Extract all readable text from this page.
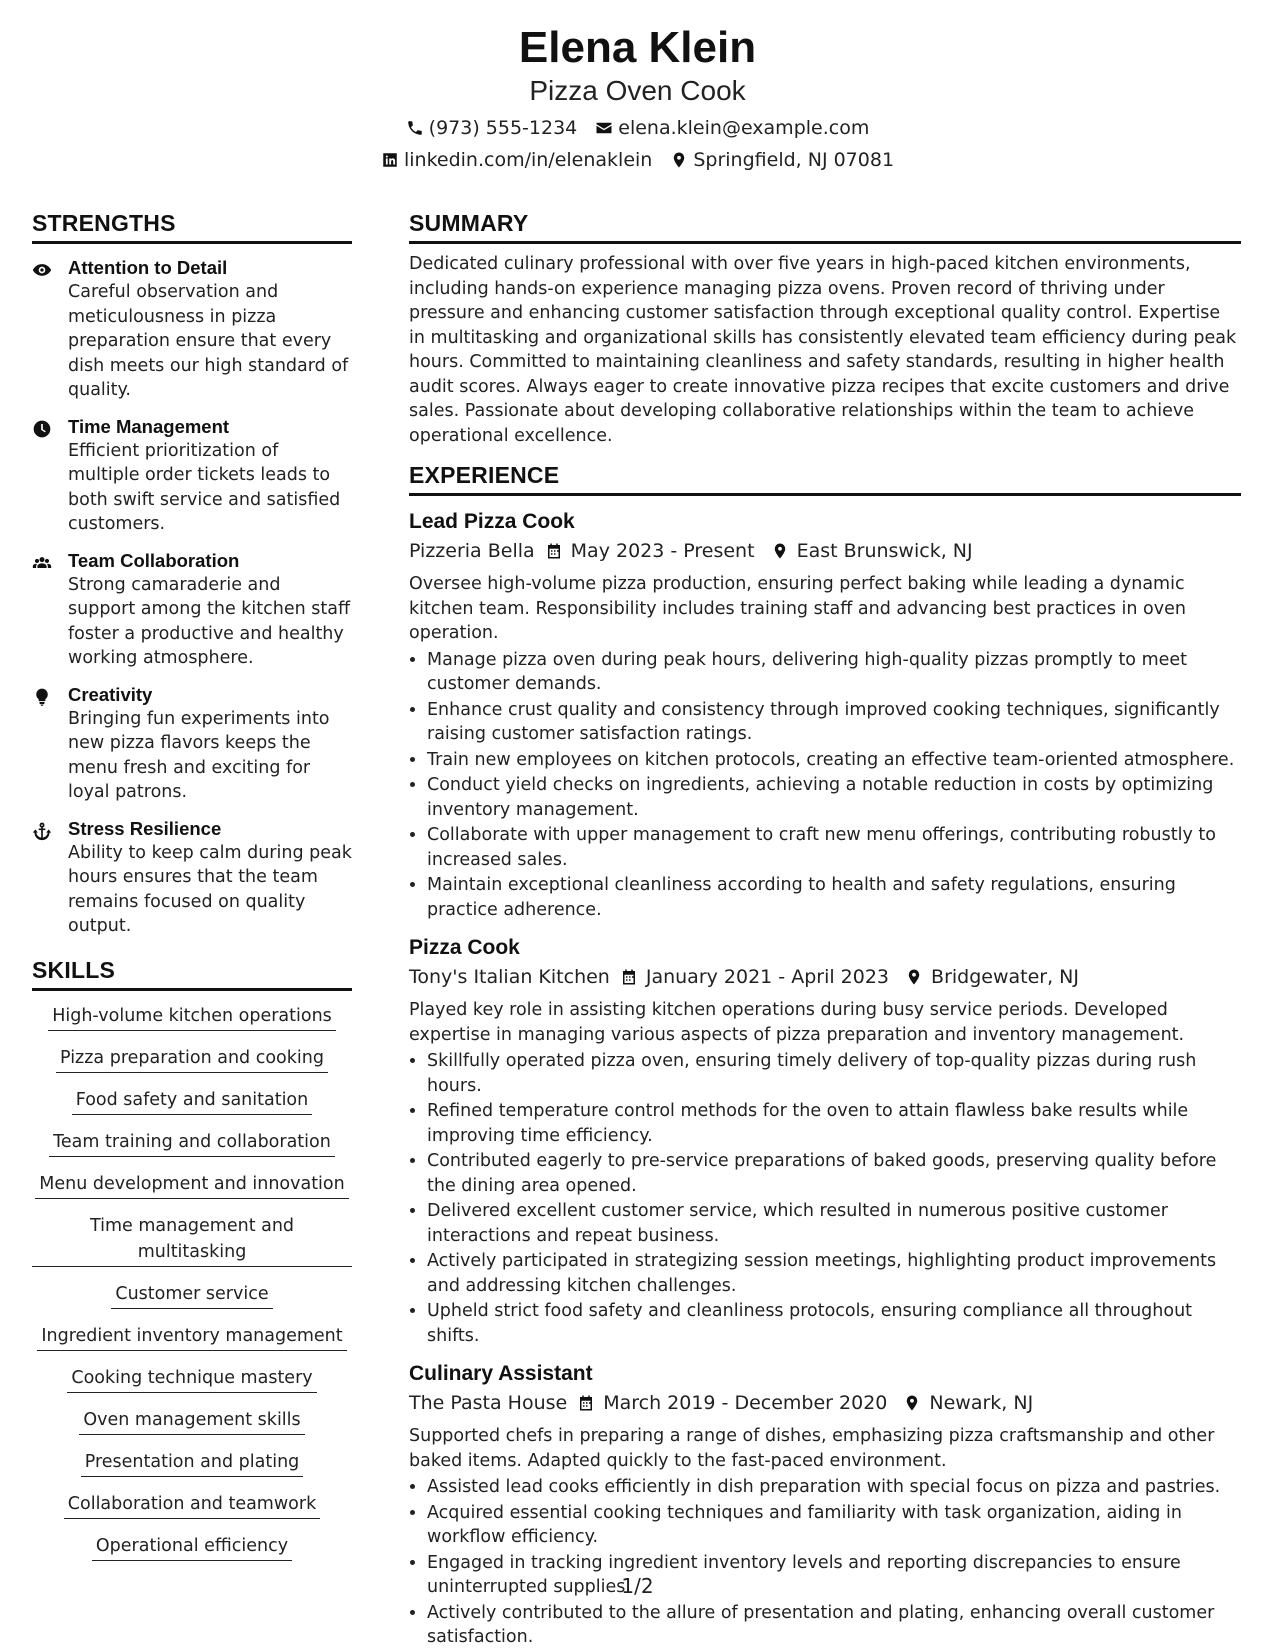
Elena Klein
Pizza Oven Cook
(973) 555-1234 elena.klein@example.com
linkedin.com/in/elenaklein Springfield, NJ 07081
STRENGTHS
Attention to Detail
Careful observation and meticulousness in pizza preparation ensure that every dish meets our high standard of quality.
Time Management
Efficient prioritization of multiple order tickets leads to both swift service and satisfied customers.
Team Collaboration
Strong camaraderie and support among the kitchen staff foster a productive and healthy working atmosphere.
Creativity
Bringing fun experiments into new pizza flavors keeps the menu fresh and exciting for loyal patrons.
Stress Resilience
Ability to keep calm during peak hours ensures that the team remains focused on quality output.
SKILLS
High-volume kitchen operations
Pizza preparation and cooking
Food safety and sanitation
Team training and collaboration
Menu development and innovation
Time management and multitasking
Customer service
Ingredient inventory management
Cooking technique mastery
Oven management skills
Presentation and plating
Collaboration and teamwork
Operational efficiency
SUMMARY
Dedicated culinary professional with over five years in high-paced kitchen environments, including hands-on experience managing pizza ovens. Proven record of thriving under pressure and enhancing customer satisfaction through exceptional quality control. Expertise in multitasking and organizational skills has consistently elevated team efficiency during peak hours. Committed to maintaining cleanliness and safety standards, resulting in higher health audit scores. Always eager to create innovative pizza recipes that excite customers and drive sales. Passionate about developing collaborative relationships within the team to achieve operational excellence.
EXPERIENCE
Lead Pizza Cook
Pizzeria Bella May 2023 - Present East Brunswick, NJ
Oversee high-volume pizza production, ensuring perfect baking while leading a dynamic kitchen team. Responsibility includes training staff and advancing best practices in oven operation.
• Manage pizza oven during peak hours, delivering high-quality pizzas promptly to meet customer demands.
• Enhance crust quality and consistency through improved cooking techniques, significantly raising customer satisfaction ratings.
• Train new employees on kitchen protocols, creating an effective team-oriented atmosphere.
• Conduct yield checks on ingredients, achieving a notable reduction in costs by optimizing inventory management.
• Collaborate with upper management to craft new menu offerings, contributing robustly to increased sales.
• Maintain exceptional cleanliness according to health and safety regulations, ensuring practice adherence.
Pizza Cook
Tony's Italian Kitchen January 2021 - April 2023 Bridgewater, NJ
Played key role in assisting kitchen operations during busy service periods. Developed expertise in managing various aspects of pizza preparation and inventory management.
• Skillfully operated pizza oven, ensuring timely delivery of top-quality pizzas during rush hours.
• Refined temperature control methods for the oven to attain flawless bake results while improving time efficiency.
• Contributed eagerly to pre-service preparations of baked goods, preserving quality before the dining area opened.
• Delivered excellent customer service, which resulted in numerous positive customer interactions and repeat business.
• Actively participated in strategizing session meetings, highlighting product improvements and addressing kitchen challenges.
• Upheld strict food safety and cleanliness protocols, ensuring compliance all throughout shifts.
Culinary Assistant
The Pasta House March 2019 - December 2020 Newark, NJ
Supported chefs in preparing a range of dishes, emphasizing pizza craftsmanship and other baked items. Adapted quickly to the fast-paced environment.
• Assisted lead cooks efficiently in dish preparation with special focus on pizza and pastries.
• Acquired essential cooking techniques and familiarity with task organization, aiding in workflow efficiency.
• Engaged in tracking ingredient inventory levels and reporting discrepancies to ensure uninterrupted supplies.
• Actively contributed to the allure of presentation and plating, enhancing overall customer satisfaction.
1/2
